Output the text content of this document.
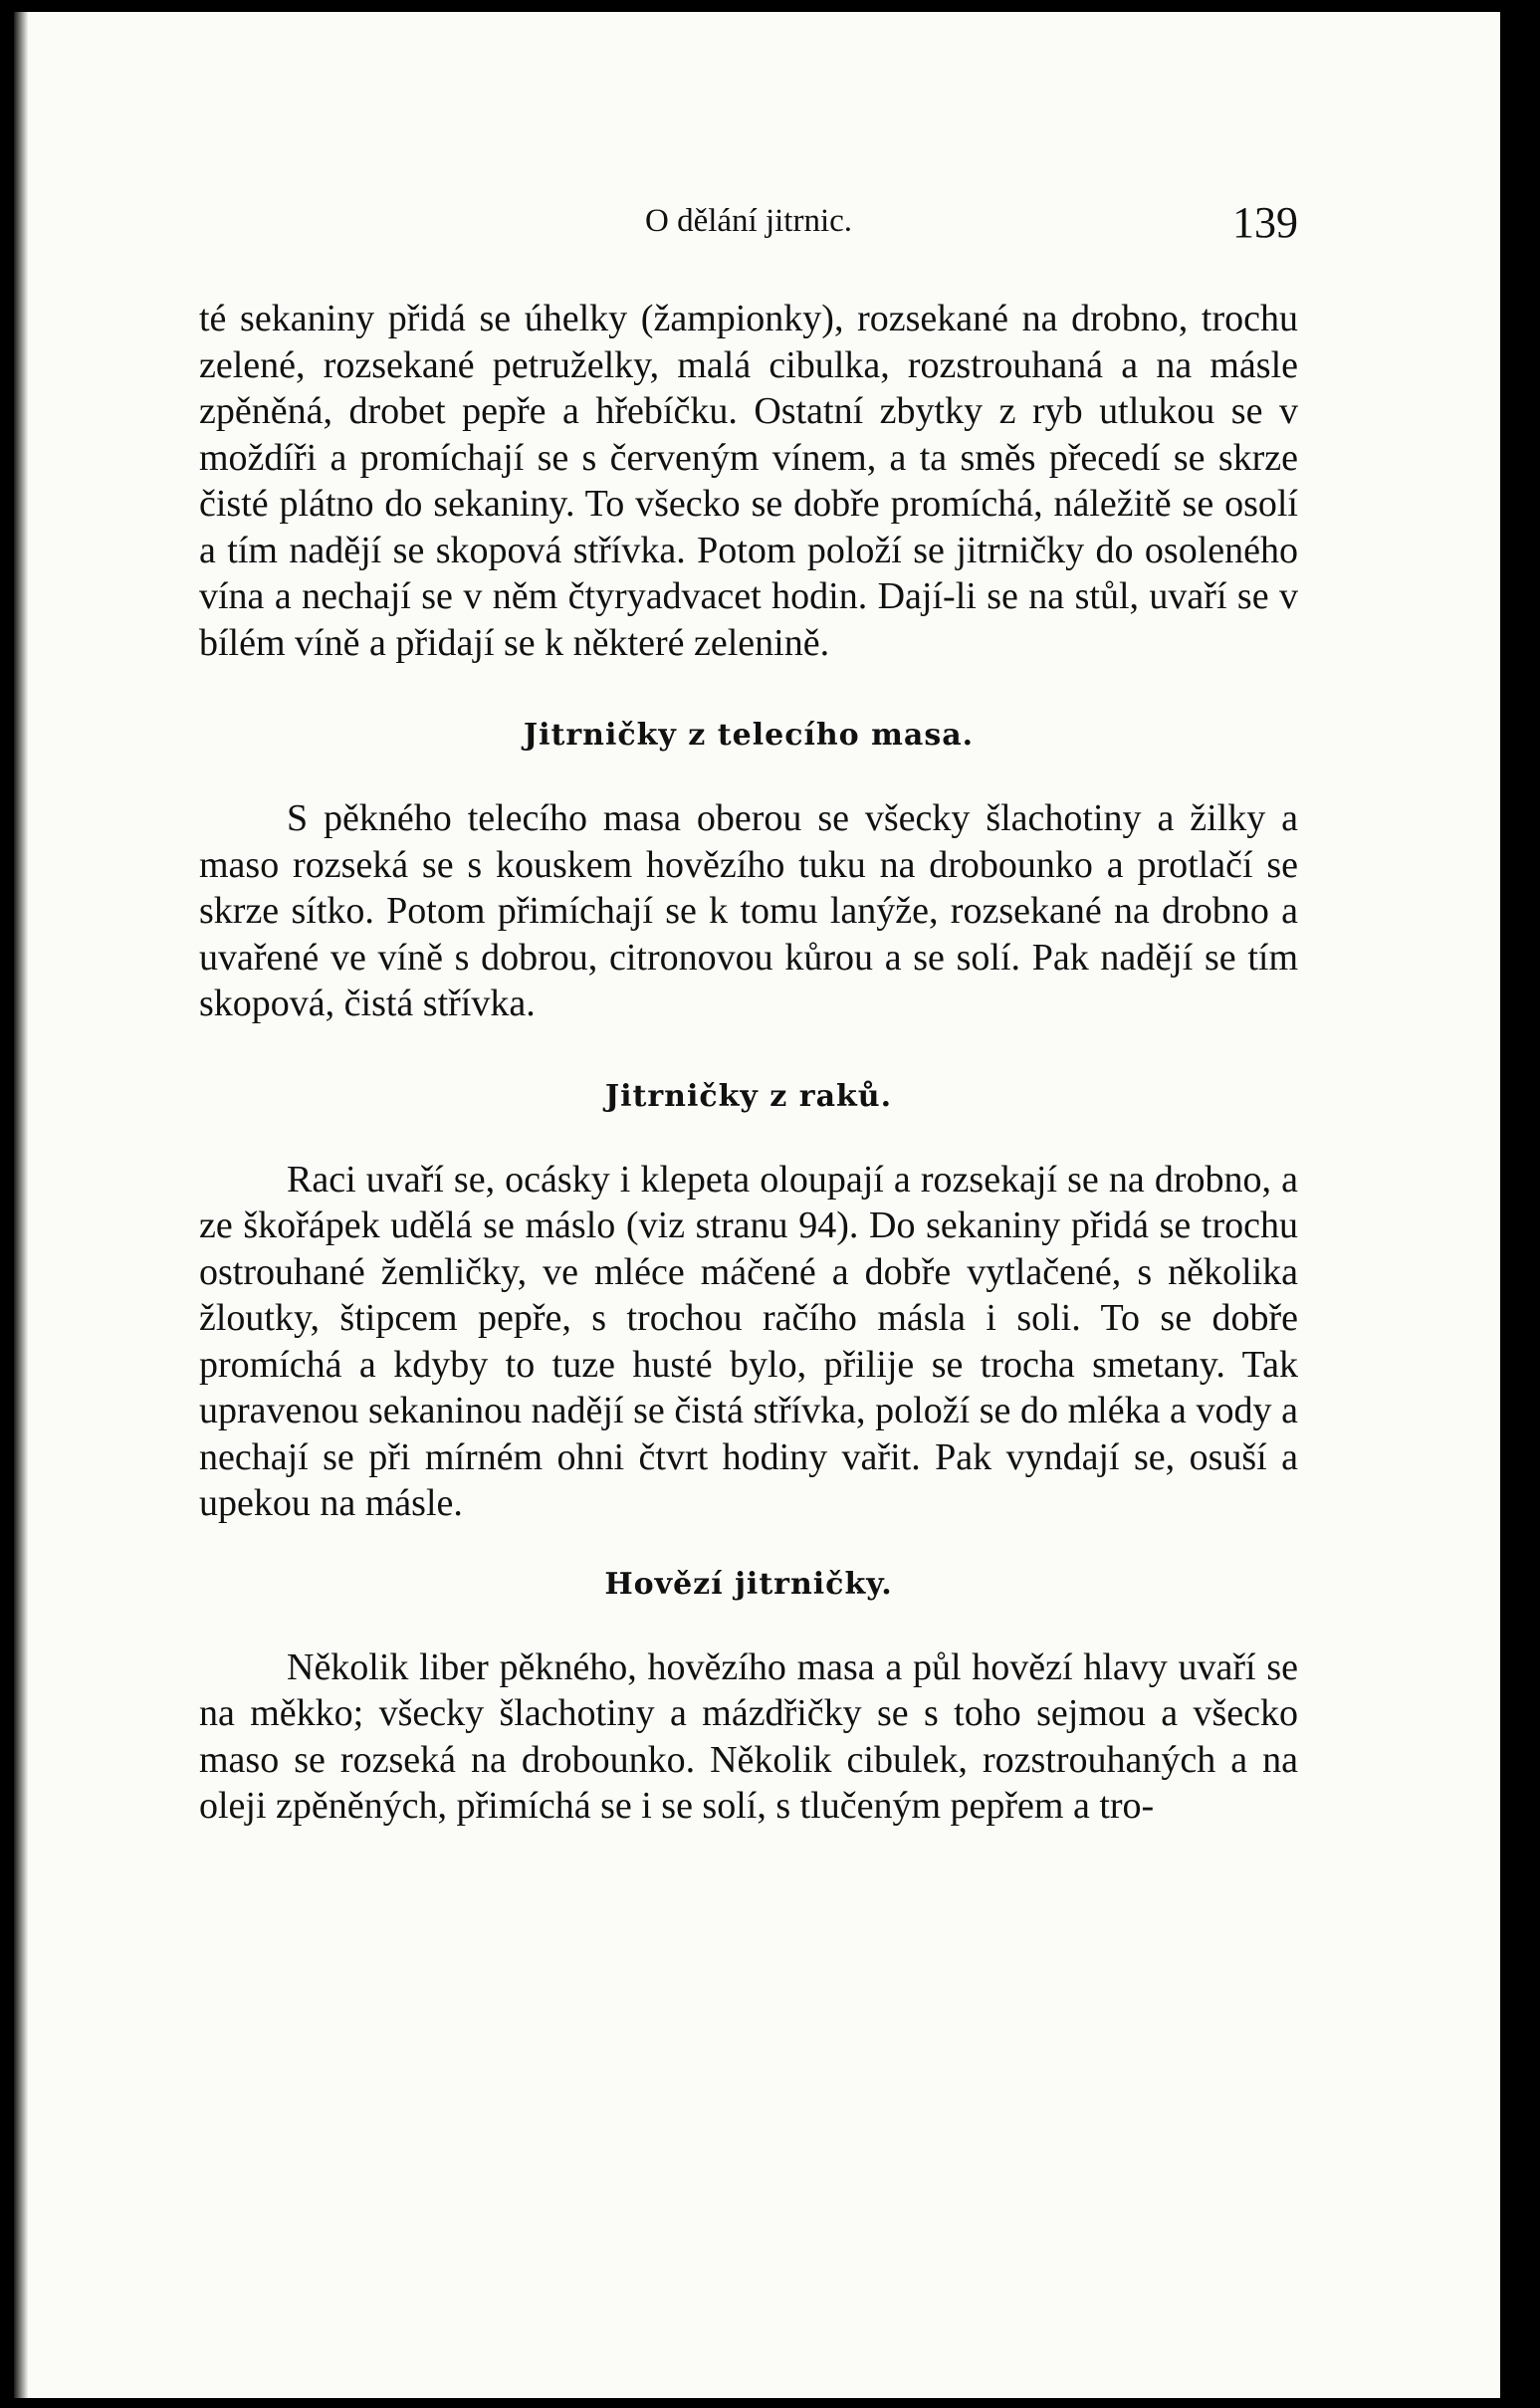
O dělání jitrnic.	139

té sekaniny přidá se úhelky (žampionky), rozsekané na drobno, trochu zelené, rozsekané petruželky, malá cibulka, rozstrouhaná a na másle zpěněná, drobet pepře a hřebíčku. Ostatní zbytky z ryb utlukou se v moždíři a promíchají se s červeným vínem, a ta směs přecedí se skrze čisté plátno do sekaniny. To všecko se dobře promíchá, náležitě se osolí a tím nadějí se skopová střívka. Potom položí se jitrničky do osoleného vína a nechají se v něm čtyryadvacet hodin. Dají-li se na stůl, uvaří se v bílém víně a přidají se k některé zelenině.

Jitrničky z telecího masa.

S pěkného telecího masa oberou se všecky šlachotiny a žilky a maso rozseká se s kouskem hovězího tuku na drobounko a protlačí se skrze sítko. Potom přimíchají se k tomu lanýže, rozsekané na drobno a uvařené ve víně s dobrou, citronovou kůrou a se solí. Pak nadějí se tím skopová, čistá střívka.

Jitrničky z raků.

Raci uvaří se, ocásky i klepeta oloupají a rozsekají se na drobno, a ze škořápek udělá se máslo (viz stranu 94). Do sekaniny přidá se trochu ostrouhané žemličky, ve mléce máčené a dobře vytlačené, s několika žloutky, štipcem pepře, s trochou račího másla i soli. To se dobře promíchá a kdyby to tuze husté bylo, přilije se trocha smetany. Tak upravenou sekaninou nadějí se čistá střívka, položí se do mléka a vody a nechají se při mírném ohni čtvrt hodiny vařit. Pak vyndají se, osuší a upekou na másle.

Hovězí jitrničky.

Několik liber pěkného, hovězího masa a půl hovězí hlavy uvaří se na měkko; všecky šlachotiny a mázdřičky se s toho sejmou a všecko maso se rozseká na drobounko. Několik cibulek, rozstrouhaných a na oleji zpěněných, přimíchá se i se solí, s tlučeným pepřem a tro-
